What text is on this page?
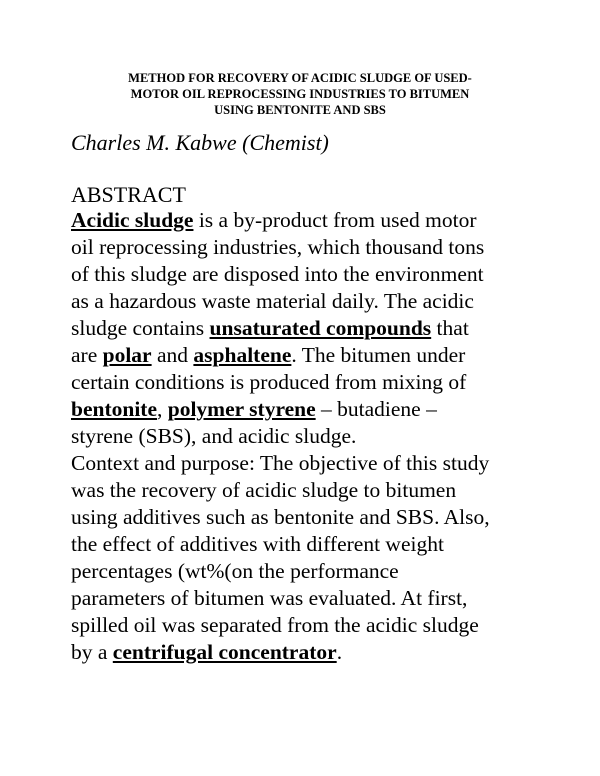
METHOD FOR RECOVERY OF ACIDIC SLUDGE OF USED-
MOTOR OIL REPROCESSING INDUSTRIES TO BITUMEN
USING BENTONITE AND SBS
Charles M. Kabwe (Chemist)
ABSTRACT
Acidic sludge is a by-product from used motor
oil reprocessing industries, which thousand tons
of this sludge are disposed into the environment
as a hazardous waste material daily. The acidic
sludge contains unsaturated compounds that
are polar and asphaltene. The bitumen under
certain conditions is produced from mixing of
bentonite, polymer styrene – butadiene –
styrene (SBS), and acidic sludge.
Context and purpose: The objective of this study
was the recovery of acidic sludge to bitumen
using additives such as bentonite and SBS. Also,
the effect of additives with different weight
percentages (wt%(on the performance
parameters of bitumen was evaluated. At first,
spilled oil was separated from the acidic sludge
by a centrifugal concentrator.
